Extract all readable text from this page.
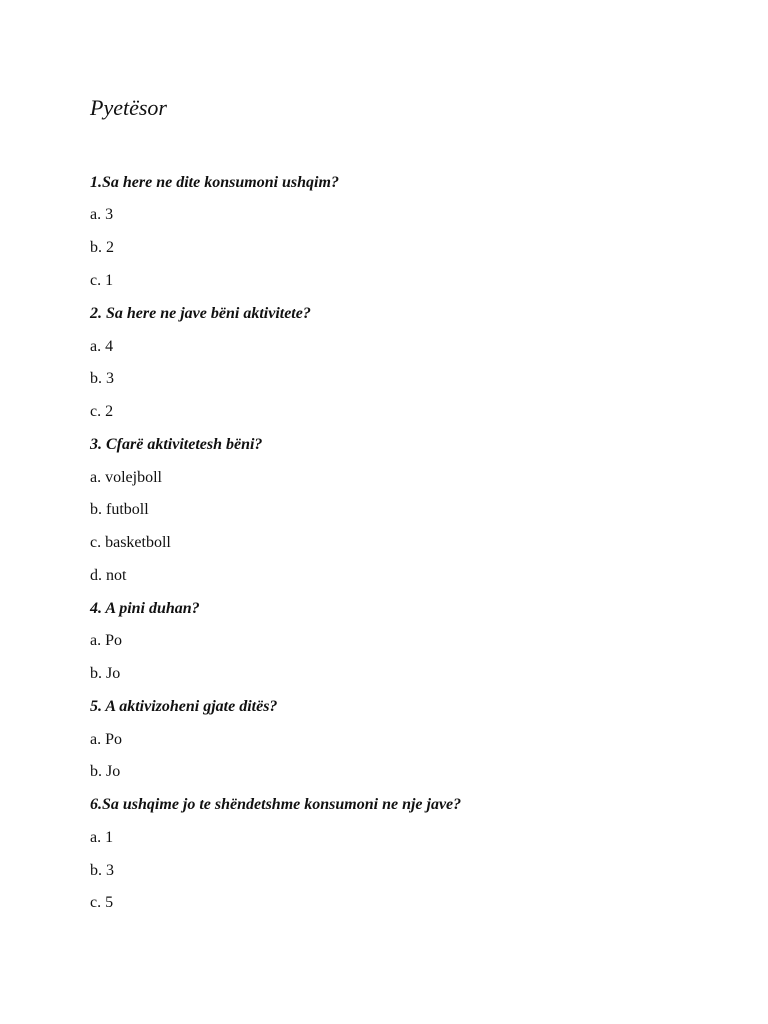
Pyetësor
1.Sa here ne dite konsumoni ushqim?
a. 3
b. 2
c. 1
2. Sa here ne jave bëni aktivitete?
a. 4
b. 3
c. 2
3. Cfarë aktivitetesh bëni?
a. volejboll
b. futboll
c. basketboll
d. not
4. A pini duhan?
a. Po
b. Jo
5. A aktivizoheni gjate ditës?
a. Po
b. Jo
6.Sa ushqime jo te shëndetshme konsumoni ne nje jave?
a. 1
b. 3
c. 5
